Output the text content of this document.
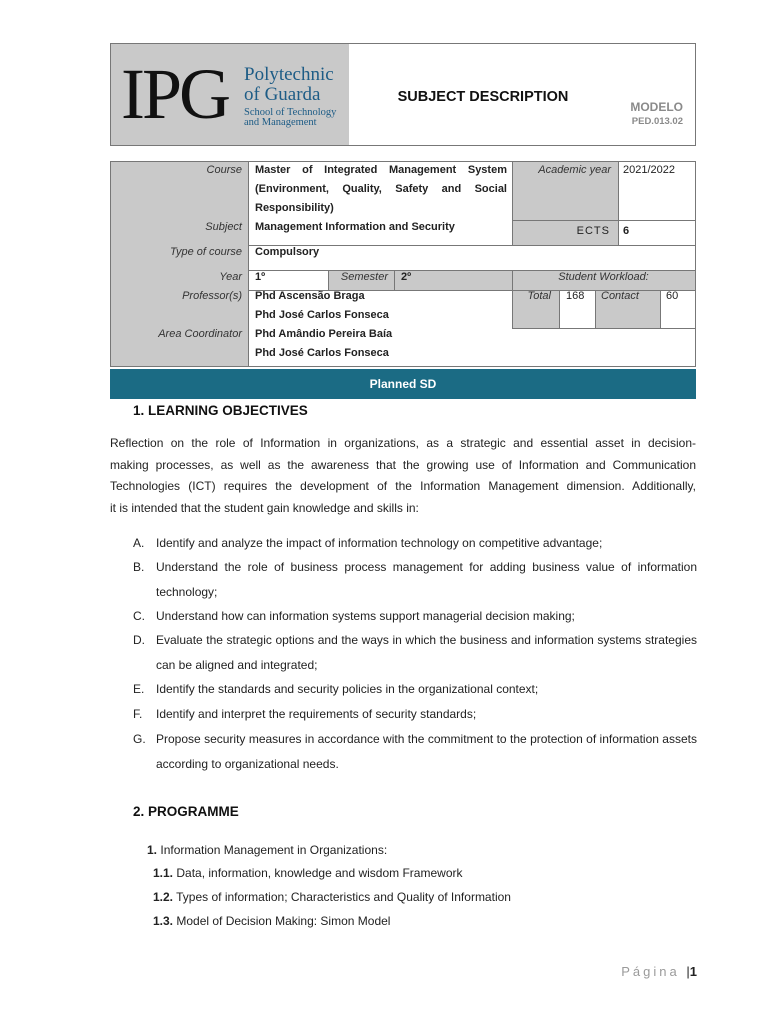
IPG Polytechnic
of Guarda
School of Technology
and Management
SUBJECT DESCRIPTION
MODELO
PED.013.02
Course Master of Integrated Management System
(Environment, Quality, Safety and Social
Responsibility)
Academic year 2021/2022
Subject Management Information and Security	ECTS 6
Type of course Compulsory
Year 1º	Semester 2º	Student Workload:
Professor(s) Phd Ascensão Braga
Phd José Carlos Fonseca
Total 168	Contact	60
Area Coordinator Phd Amândio Pereira Baía
Phd José Carlos Fonseca
Planned SD
1. LEARNING OBJECTIVES
Reflection on the role of Information in organizations, as a strategic and essential asset in decision-
making processes, as well as the awareness that the growing use of Information and Communication
Technologies (ICT) requires the development of the Information Management dimension. Additionally,
it is intended that the student gain knowledge and skills in:
A. Identify and analyze the impact of information technology on competitive advantage;
B. Understand the role of business process management for adding business value of information technology;
C. Understand how can information systems support managerial decision making;
D. Evaluate the strategic options and the ways in which the business and information systems strategies can be aligned and integrated;
E. Identify the standards and security policies in the organizational context;
F. Identify and interpret the requirements of security standards;
G. Propose security measures in accordance with the commitment to the protection of information assets according to organizational needs.
2. PROGRAMME
1. Information Management in Organizations:
1.1. Data, information, knowledge and wisdom Framework
1.2. Types of information; Characteristics and Quality of Information
1.3. Model of Decision Making: Simon Model
Página |1
